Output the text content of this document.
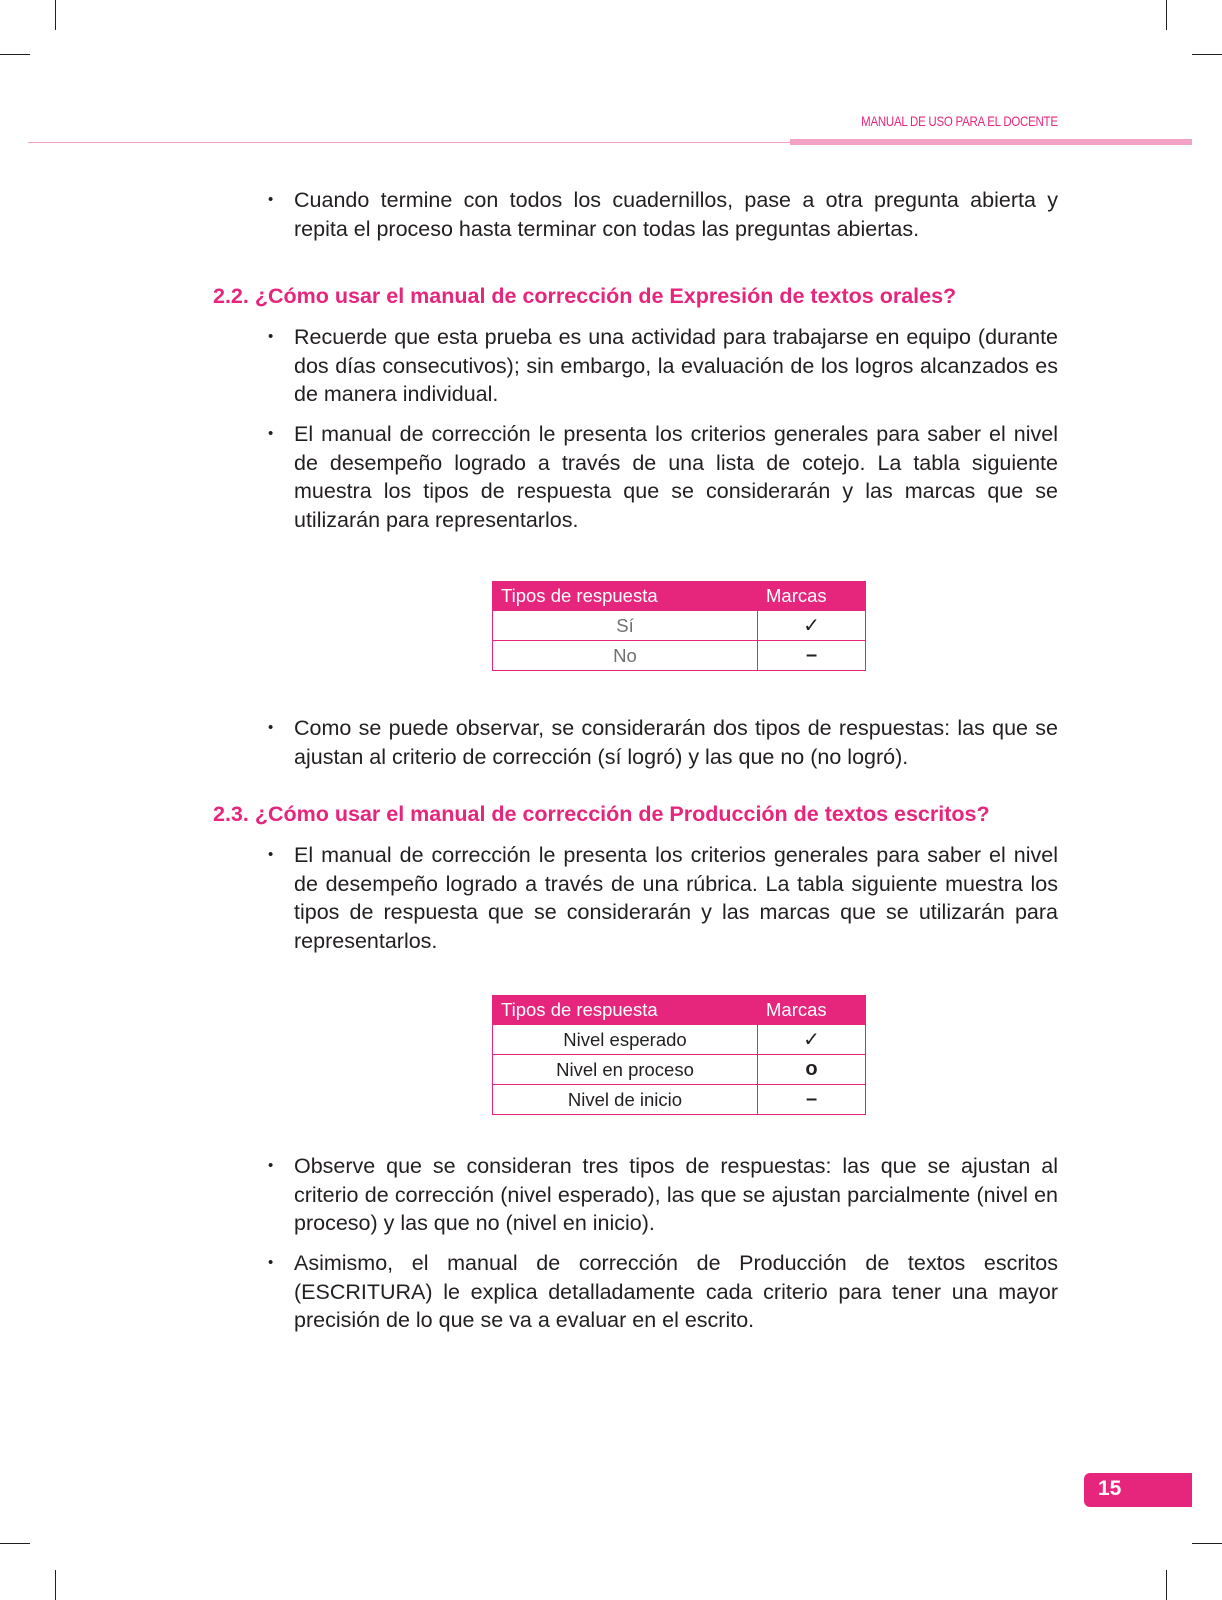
MANUAL DE USO PARA EL DOCENTE
• Cuando termine con todos los cuadernillos, pase a otra pregunta abierta y repita el proceso hasta terminar con todas las preguntas abiertas.
2.2. ¿Cómo usar el manual de corrección de Expresión de textos orales?
• Recuerde que esta prueba es una actividad para trabajarse en equipo (durante dos días consecutivos); sin embargo, la evaluación de los logros alcanzados es de manera individual.
• El manual de corrección le presenta los criterios generales para saber el nivel de desempeño logrado a través de una lista de cotejo. La tabla siguiente muestra los tipos de respuesta que se considerarán y las marcas que se utilizarán para representarlos.
Tipos de respuesta	Marcas
Sí	✓
No	–
• Como se puede observar, se considerarán dos tipos de respuestas: las que se ajustan al criterio de corrección (sí logró) y las que no (no logró).
2.3. ¿Cómo usar el manual de corrección de Producción de textos escritos?
• El manual de corrección le presenta los criterios generales para saber el nivel de desempeño logrado a través de una rúbrica. La tabla siguiente muestra los tipos de respuesta que se considerarán y las marcas que se utilizarán para representarlos.
Tipos de respuesta	Marcas
Nivel esperado	✓
Nivel en proceso	o
Nivel de inicio	–
• Observe que se consideran tres tipos de respuestas: las que se ajustan al criterio de corrección (nivel esperado), las que se ajustan parcialmente (nivel en proceso) y las que no (nivel en inicio).
• Asimismo, el manual de corrección de Producción de textos escritos (ESCRITURA) le explica detalladamente cada criterio para tener una mayor precisión de lo que se va a evaluar en el escrito.
15
